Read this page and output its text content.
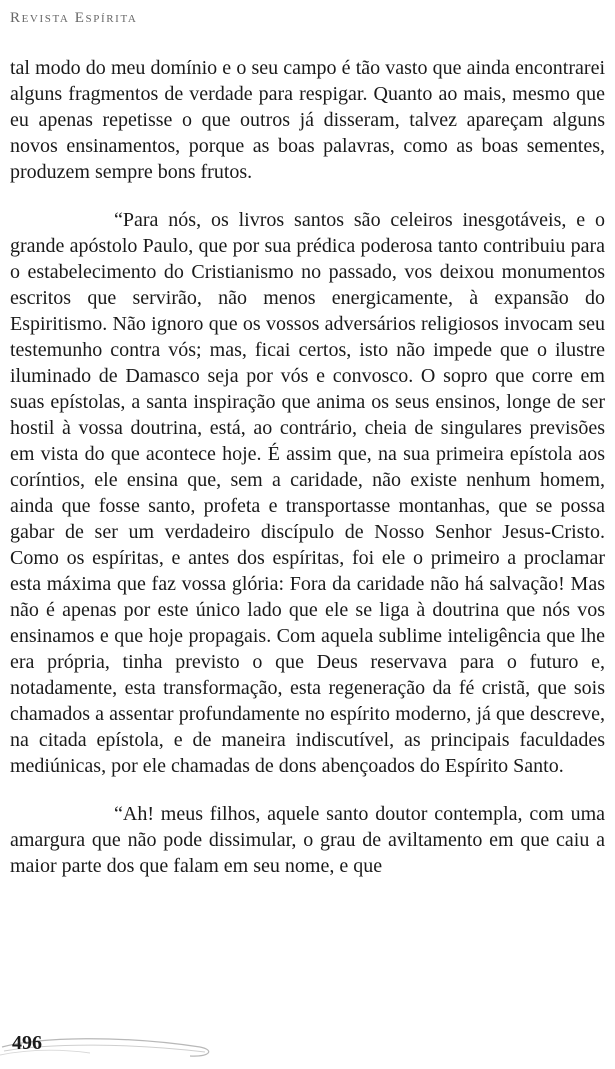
Revista Espírita

tal modo do meu domínio e o seu campo é tão vasto que ainda encontrarei alguns fragmentos de verdade para respigar. Quanto ao mais, mesmo que eu apenas repetisse o que outros já disseram, talvez apareçam alguns novos ensinamentos, porque as boas palavras, como as boas sementes, produzem sempre bons frutos.

“Para nós, os livros santos são celeiros inesgotáveis, e o grande apóstolo Paulo, que por sua prédica poderosa tanto contribuiu para o estabelecimento do Cristianismo no passado, vos deixou monumentos escritos que servirão, não menos energicamente, à expansão do Espiritismo. Não ignoro que os vossos adversários religiosos invocam seu testemunho contra vós; mas, ficai certos, isto não impede que o ilustre iluminado de Damasco seja por vós e convosco. O sopro que corre em suas epístolas, a santa inspiração que anima os seus ensinos, longe de ser hostil à vossa doutrina, está, ao contrário, cheia de singulares previsões em vista do que acontece hoje. É assim que, na sua primeira epístola aos coríntios, ele ensina que, sem a caridade, não existe nenhum homem, ainda que fosse santo, profeta e transportasse montanhas, que se possa gabar de ser um verdadeiro discípulo de Nosso Senhor Jesus-Cristo. Como os espíritas, e antes dos espíritas, foi ele o primeiro a proclamar esta máxima que faz vossa glória: Fora da caridade não há salvação! Mas não é apenas por este único lado que ele se liga à doutrina que nós vos ensinamos e que hoje propagais. Com aquela sublime inteligência que lhe era própria, tinha previsto o que Deus reservava para o futuro e, notadamente, esta transformação, esta regeneração da fé cristã, que sois chamados a assentar profundamente no espírito moderno, já que descreve, na citada epístola, e de maneira indiscutível, as principais faculdades mediúnicas, por ele chamadas de dons abençoados do Espírito Santo.

“Ah! meus filhos, aquele santo doutor contempla, com uma amargura que não pode dissimular, o grau de aviltamento em que caiu a maior parte dos que falam em seu nome, e que

496
